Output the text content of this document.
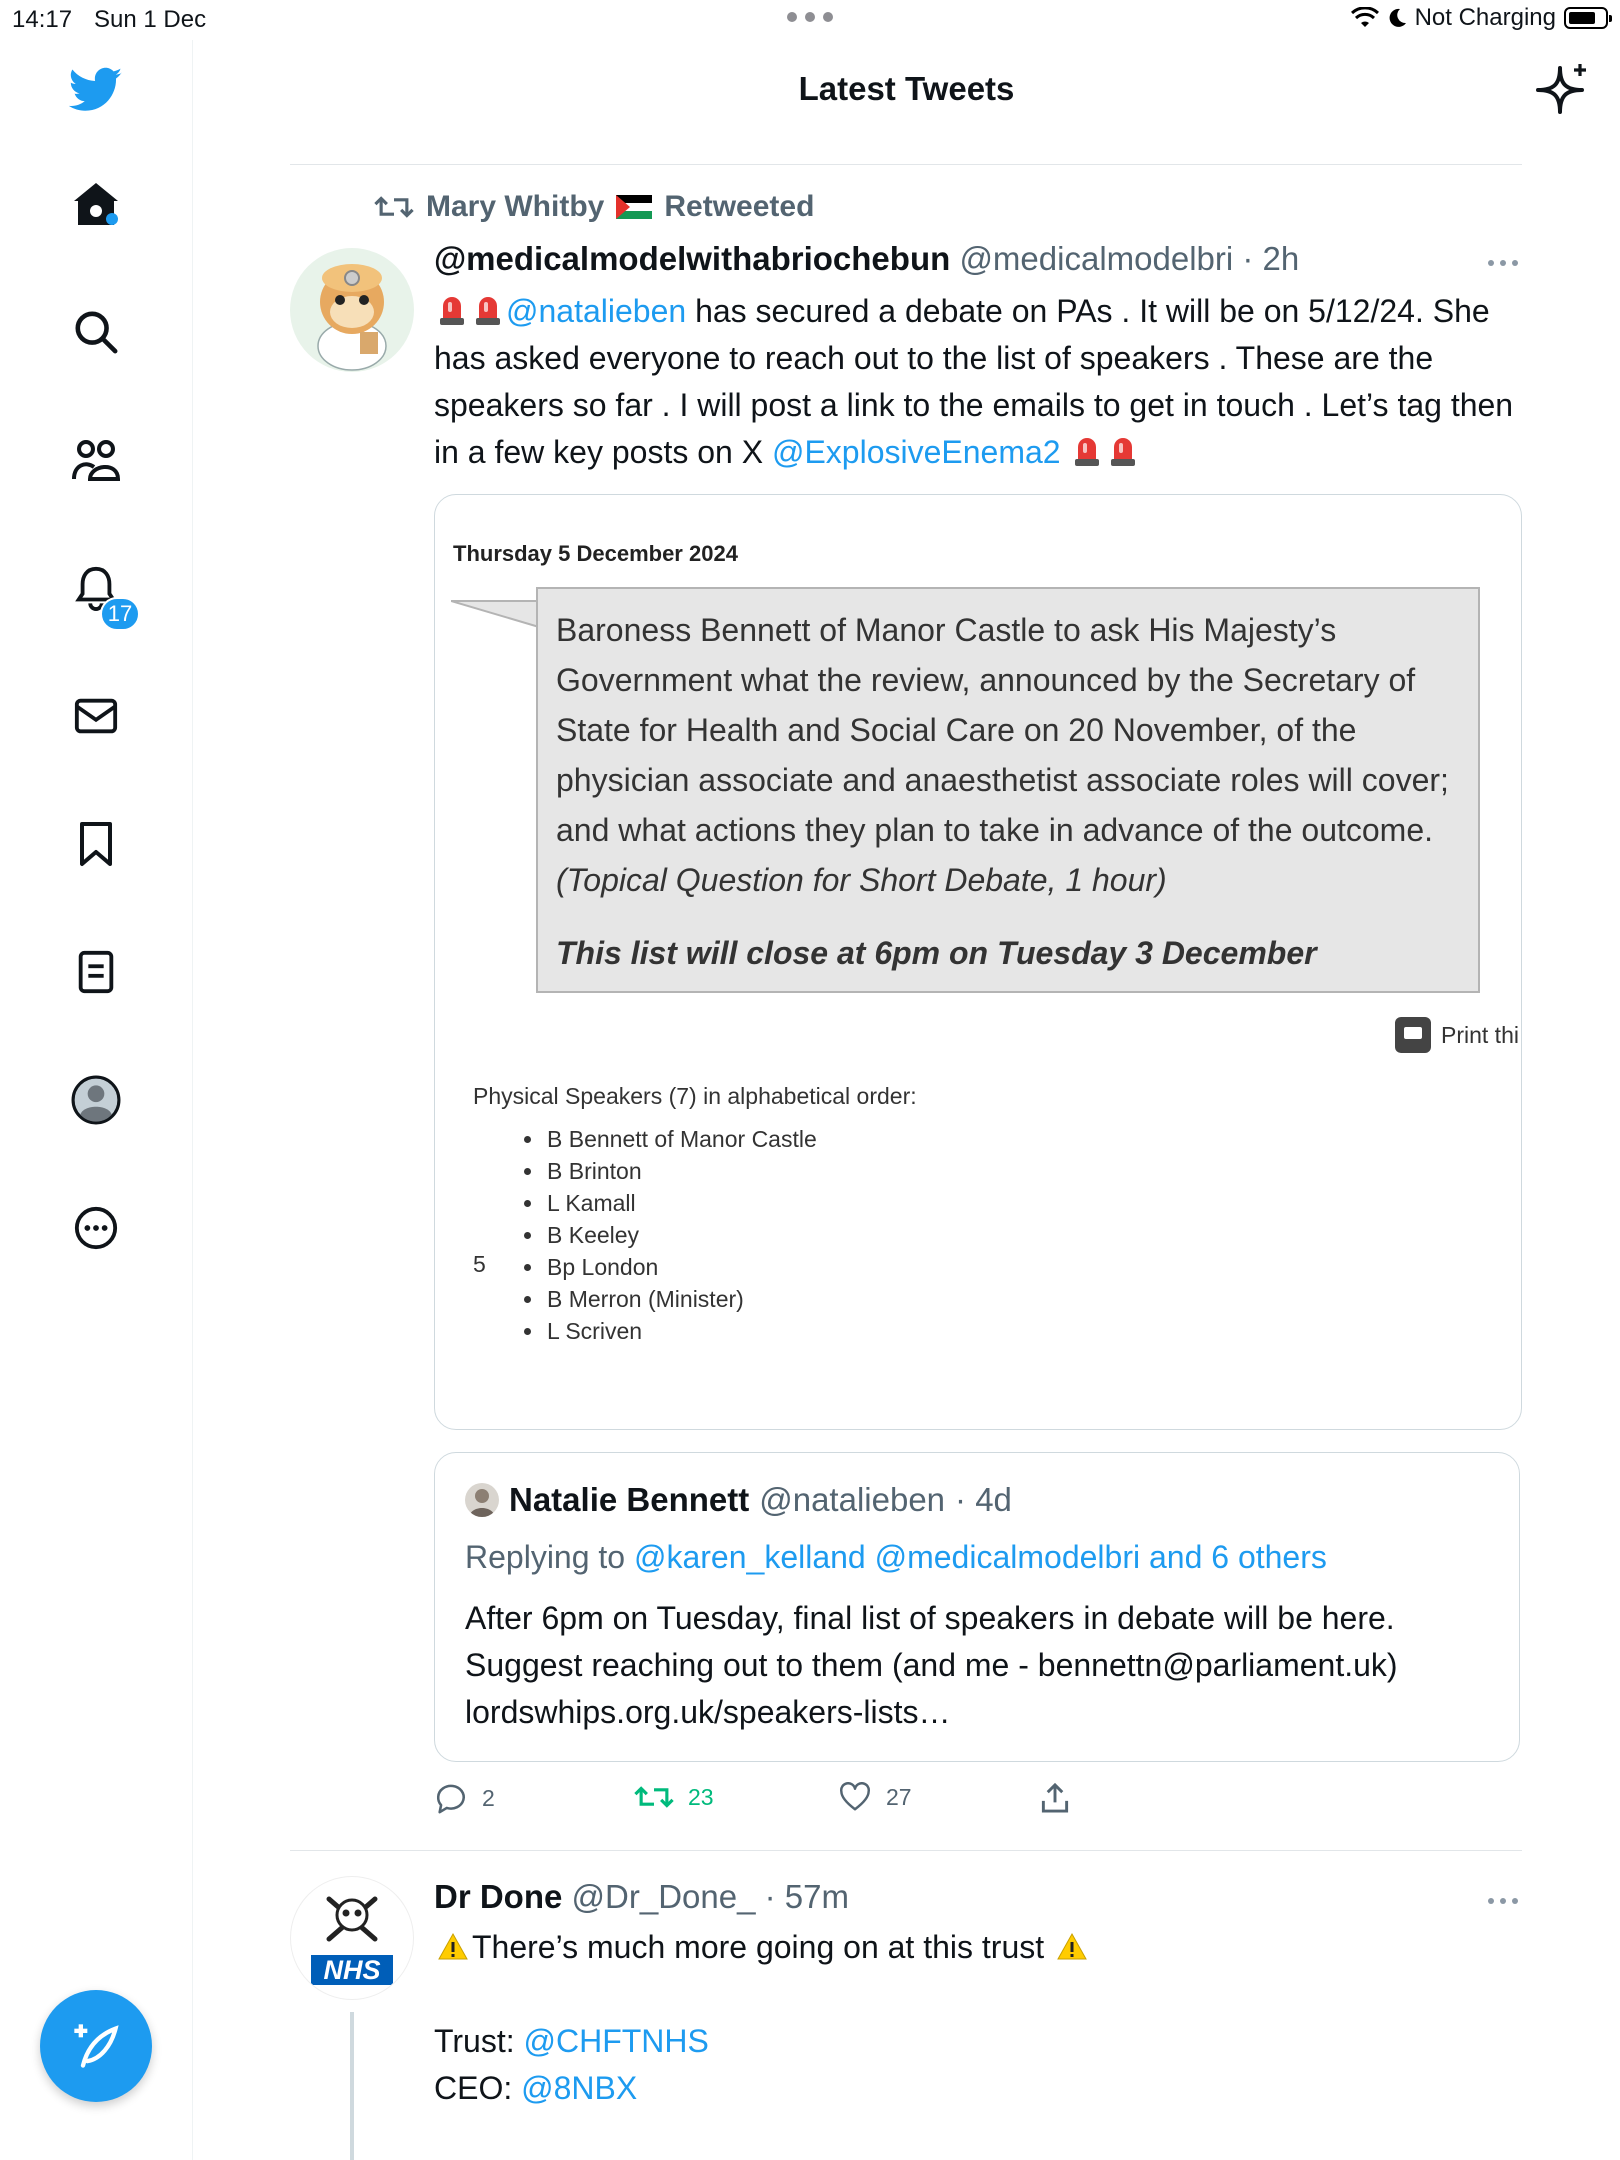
14:17 Sun 1 Dec	Not Charging
17
Latest Tweets
Mary Whitby Retweeted
@medicalmodelwithabriochebun @medicalmodelbri · 2h
@natalieben has secured a debate on PAs . It will be on 5/12/24. She has asked everyone to reach out to the list of speakers . These are the speakers so far . I will post a link to the emails to get in touch . Let’s tag then in a few key posts on X @ExplosiveEnema2
Thursday 5 December 2024
Baroness Bennett of Manor Castle to ask His Majesty’s Government what the review, announced by the Secretary of State for Health and Social Care on 20 November, of the physician associate and anaesthetist associate roles will cover; and what actions they plan to take in advance of the outcome.  (Topical Question for Short Debate, 1 hour)
This list will close at 6pm on Tuesday 3 December
Print thi
Physical Speakers (7) in alphabetical order:
5
• B Bennett of Manor Castle
• B Brinton
• L Kamall
• B Keeley
• Bp London
• B Merron (Minister)
• L Scriven
Natalie Bennett @natalieben · 4d
Replying to @karen_kelland @medicalmodelbri and 6 others
After 6pm on Tuesday, final list of speakers in debate will be here. Suggest reaching out to them (and me - bennettn@parliament.uk) lordswhips.org.uk/speakers-lists…
2	23	27
NHS
Dr Done @Dr_Done_ · 57m
There’s much more going on at this trust
Trust: @CHFTNHS
CEO: @8NBX
